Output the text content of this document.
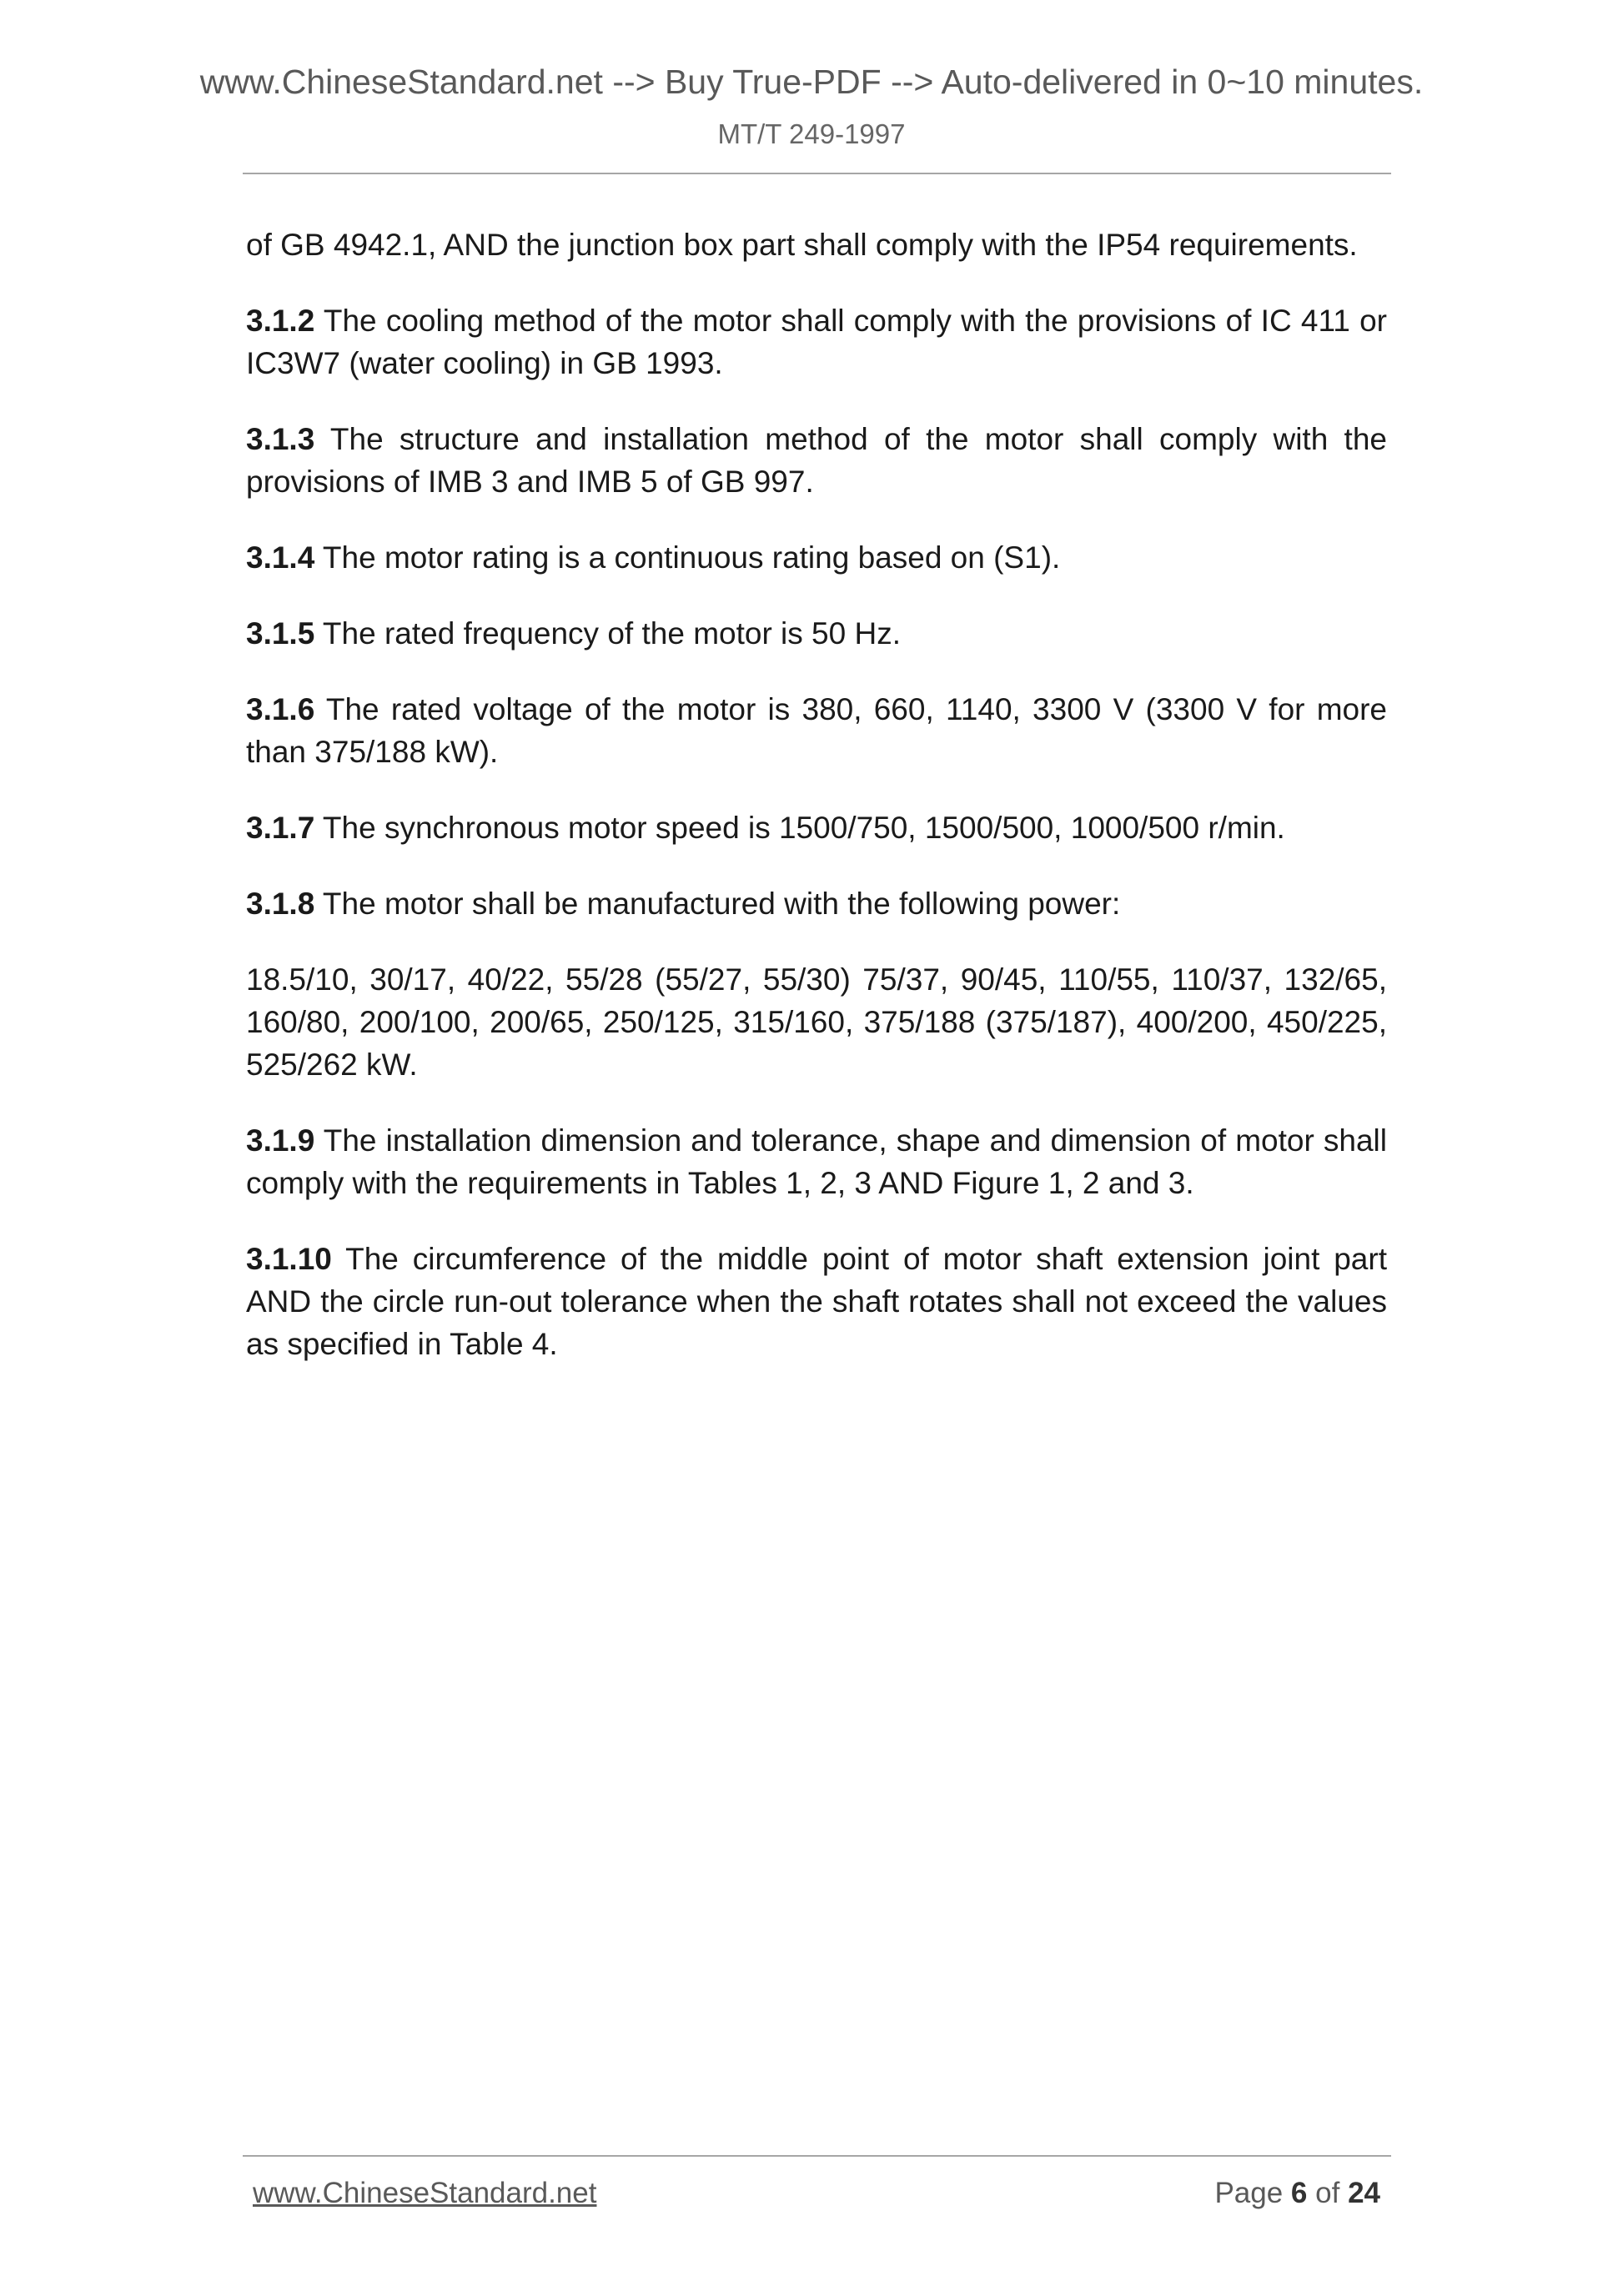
www.ChineseStandard.net --> Buy True-PDF --> Auto-delivered in 0~10 minutes.
MT/T 249-1997

of GB 4942.1, AND the junction box part shall comply with the IP54 requirements.

3.1.2 The cooling method of the motor shall comply with the provisions of IC 411 or IC3W7 (water cooling) in GB 1993.

3.1.3 The structure and installation method of the motor shall comply with the provisions of IMB 3 and IMB 5 of GB 997.

3.1.4 The motor rating is a continuous rating based on (S1).

3.1.5 The rated frequency of the motor is 50 Hz.

3.1.6 The rated voltage of the motor is 380, 660, 1140, 3300 V (3300 V for more than 375/188 kW).

3.1.7 The synchronous motor speed is 1500/750, 1500/500, 1000/500 r/min.

3.1.8 The motor shall be manufactured with the following power:

18.5/10, 30/17, 40/22, 55/28 (55/27, 55/30) 75/37, 90/45, 110/55, 110/37, 132/65, 160/80, 200/100, 200/65, 250/125, 315/160, 375/188 (375/187), 400/200, 450/225, 525/262 kW.

3.1.9 The installation dimension and tolerance, shape and dimension of motor shall comply with the requirements in Tables 1, 2, 3 AND Figure 1, 2 and 3.

3.1.10 The circumference of the middle point of motor shaft extension joint part AND the circle run-out tolerance when the shaft rotates shall not exceed the values as specified in Table 4.

www.ChineseStandard.net	Page 6 of 24
